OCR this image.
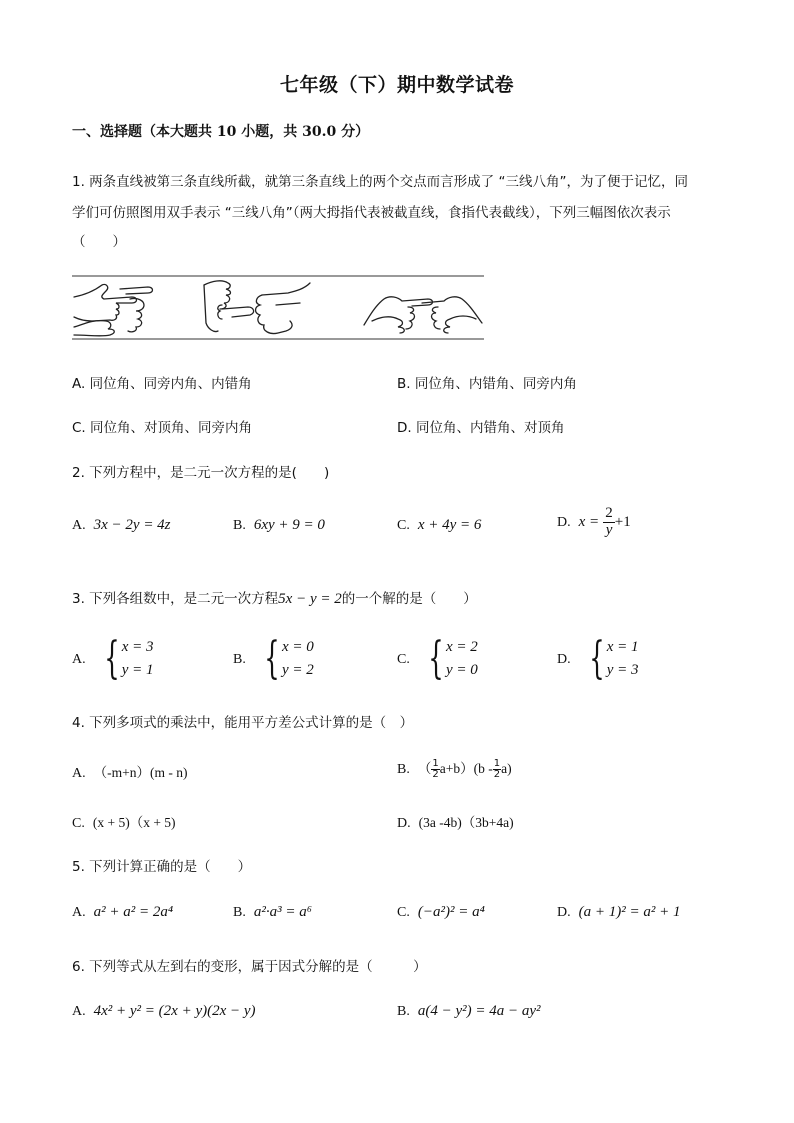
七年级（下）期中数学试卷
一、选择题（本大题共 10 小题，共 30.0 分）
1. 两条直线被第三条直线所截，就第三条直线上的两个交点而言形成了 “三线八角”，为了便于记忆，同
学们可仿照图用双手表示 “三线八角”（两大拇指代表被截直线，食指代表截线），下列三幅图依次表示
（　　）
A. 同位角、同旁内角、内错角	B. 同位角、内错角、同旁内角
C. 同位角、对顶角、同旁内角	D. 同位角、内错角、对顶角
2. 下列方程中，是二元一次方程的是(　　)
A. 3x − 2y = 4z	B. 6xy + 9 = 0	C. x + 4y = 6	D. $x = \frac{2}{y} +1$
3. 下列各组数中，是二元一次方程5x − y = 2的一个解的是（　　）
A. { x = 3
y = 1
B. { x = 0
y = 2
C. { x = 2
y = 0
D. { x = 1
y = 3
4. 下列多项式的乘法中，能用平方差公式计算的是（　）
A. （-m+n）(m - n)	B. （ $\frac{1}{2} a+b)(b - \frac{1}{2} a)$
C. (x + 5)（x + 5)	D. (3a -4b)（3b+4a)
5. 下列计算正确的是（　　）
A. a² + a² = 2a⁴	B. a²·a³ = a⁶	C. (−a²)² = a⁴	D. (a + 1)² = a² + 1
6. 下列等式从左到右的变形，属于因式分解的是（　　　）
A. 4x² + y² = (2x + y)(2x − y)	B. a(4 − y²) = 4a − ay²
